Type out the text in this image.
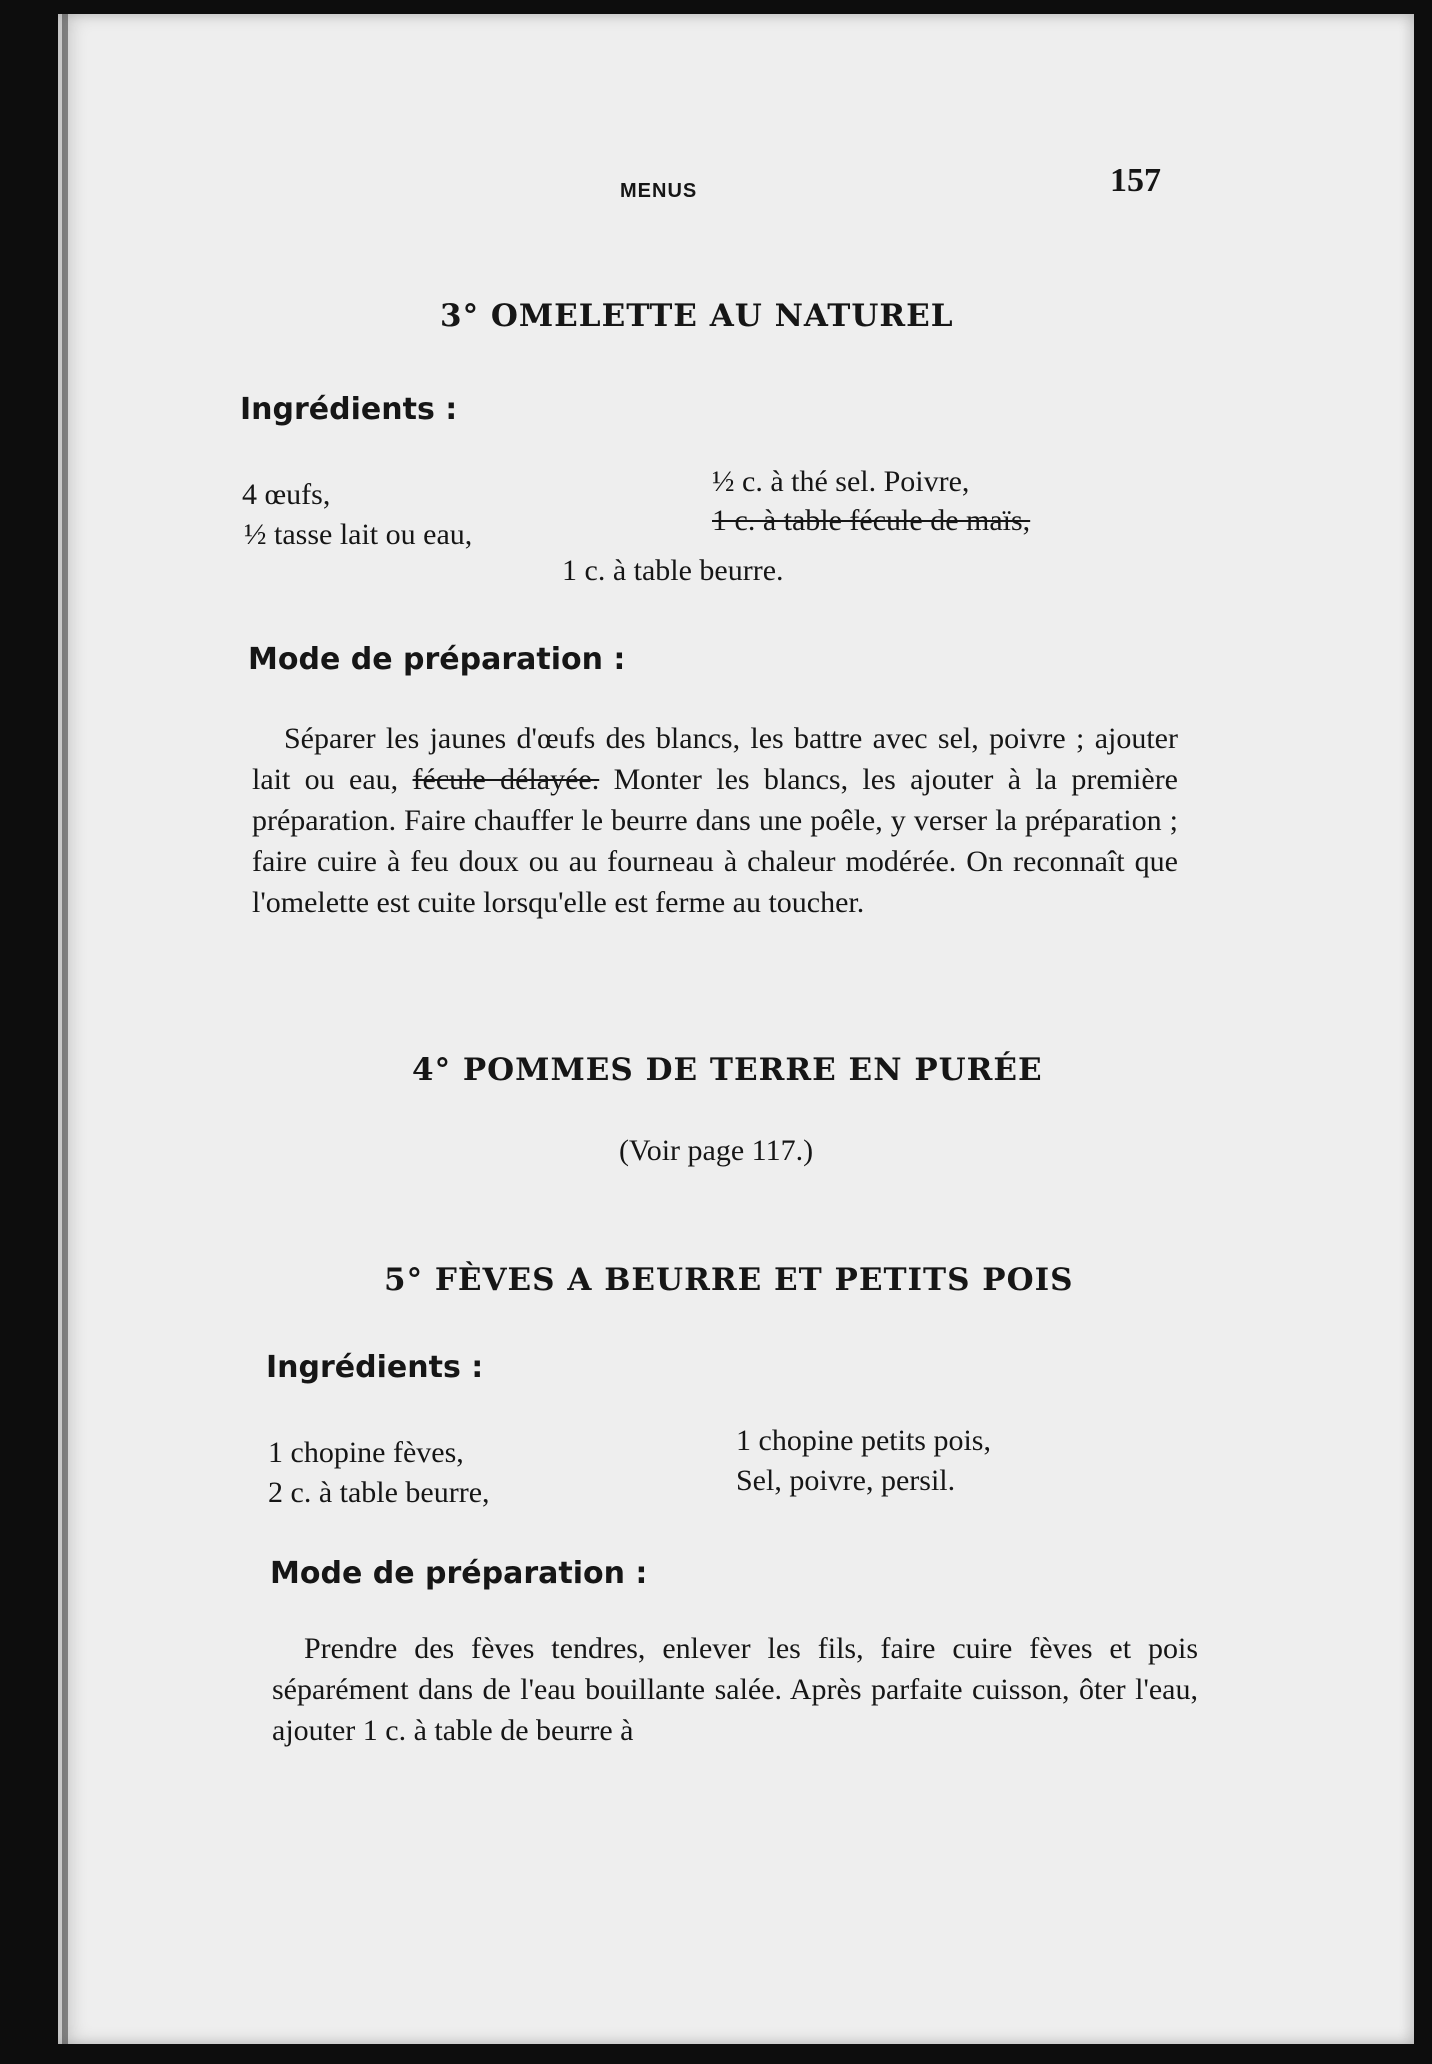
MENUS	157
3° OMELETTE AU NATUREL
Ingrédients :
4 œufs,
½ tasse lait ou eau,
½ c. à thé sel. Poivre,
1 c. à table fécule de maïs,
1 c. à table beurre.
Mode de préparation :

Séparer les jaunes d'œufs des blancs, les battre avec sel, poivre ; ajouter lait ou eau, fécule délayée. Monter les blancs, les ajouter à la première préparation. Faire chauffer le beurre dans une poêle, y verser la préparation ; faire cuire à feu doux ou au fourneau à chaleur modérée. On reconnaît que l'omelette est cuite lorsqu'elle est ferme au toucher.

4° POMMES DE TERRE EN PURÉE
(Voir page 117.)
5° FÈVES A BEURRE ET PETITS POIS
Ingrédients :
1 chopine fèves,
2 c. à table beurre,
1 chopine petits pois,
Sel, poivre, persil.
Mode de préparation :

Prendre des fèves tendres, enlever les fils, faire cuire fèves et pois séparément dans de l'eau bouillante salée. Après parfaite cuisson, ôter l'eau, ajouter 1 c. à table de beurre à
